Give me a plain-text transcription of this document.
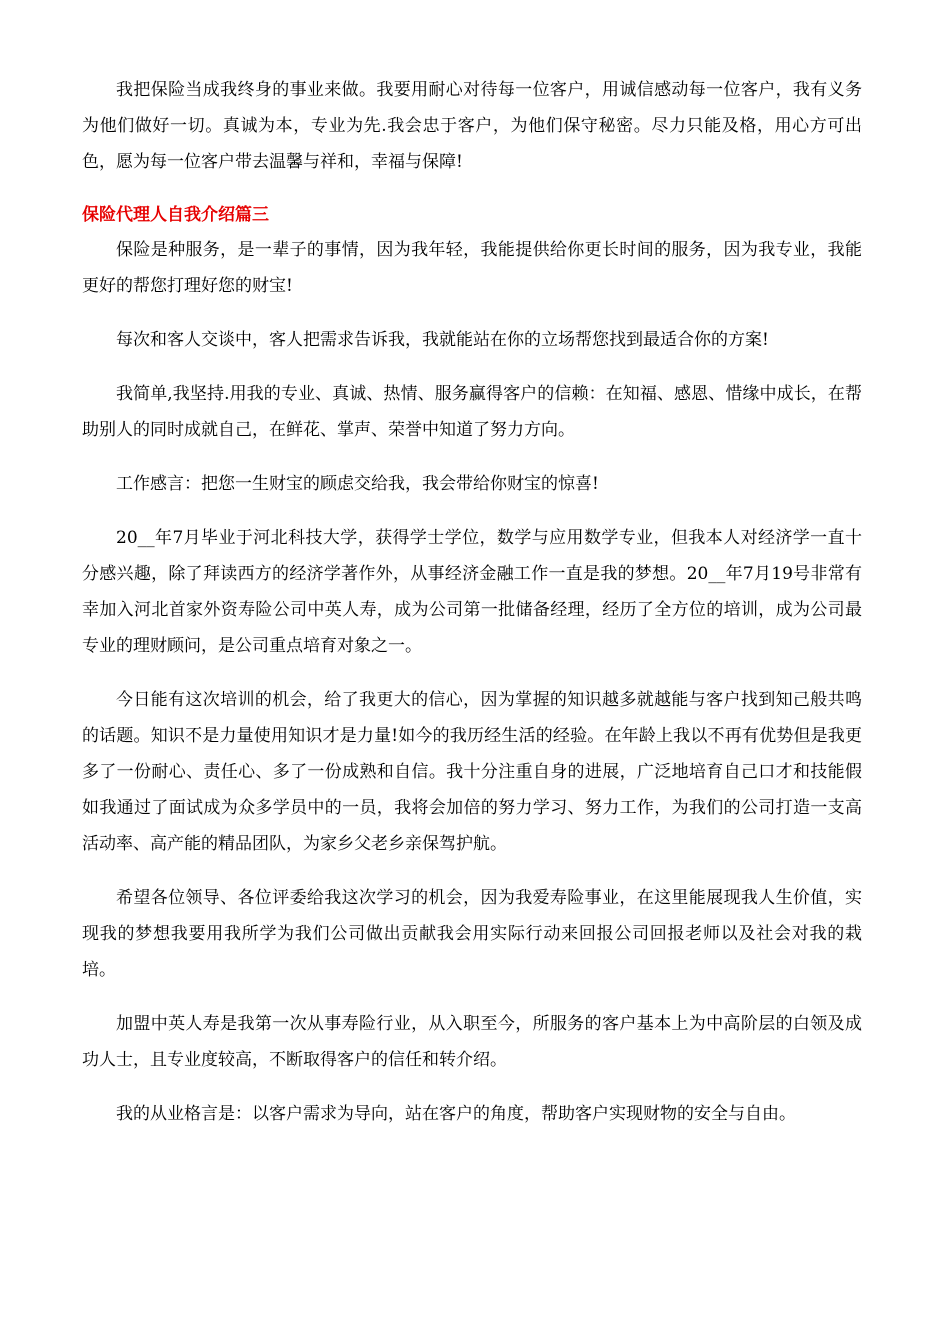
我把保险当成我终身的事业来做。我要用耐心对待每一位客户，用诚信感动每一位客户，我有义务为他们做好一切。真诚为本，专业为先.我会忠于客户，为他们保守秘密。尽力只能及格，用心方可出色，愿为每一位客户带去温馨与祥和，幸福与保障!

保险代理人自我介绍篇三

保险是种服务，是一辈子的事情，因为我年轻，我能提供给你更长时间的服务，因为我专业，我能更好的帮您打理好您的财宝!

每次和客人交谈中，客人把需求告诉我，我就能站在你的立场帮您找到最适合你的方案!

我简单,我坚持.用我的专业、真诚、热情、服务赢得客户的信赖：在知福、感恩、惜缘中成长，在帮助别人的同时成就自己，在鲜花、掌声、荣誉中知道了努力方向。

工作感言：把您一生财宝的顾虑交给我，我会带给你财宝的惊喜!

20__年7月毕业于河北科技大学，获得学士学位，数学与应用数学专业，但我本人对经济学一直十分感兴趣，除了拜读西方的经济学著作外，从事经济金融工作一直是我的梦想。20__年7月19号非常有幸加入河北首家外资寿险公司中英人寿，成为公司第一批储备经理，经历了全方位的培训，成为公司最专业的理财顾问，是公司重点培育对象之一。

今日能有这次培训的机会，给了我更大的信心，因为掌握的知识越多就越能与客户找到知己般共鸣的话题。知识不是力量使用知识才是力量!如今的我历经生活的经验。在年龄上我以不再有优势但是我更多了一份耐心、责任心、多了一份成熟和自信。我十分注重自身的进展，广泛地培育自己口才和技能假如我通过了面试成为众多学员中的一员，我将会加倍的努力学习、努力工作，为我们的公司打造一支高活动率、高产能的精品团队，为家乡父老乡亲保驾护航。

希望各位领导、各位评委给我这次学习的机会，因为我爱寿险事业，在这里能展现我人生价值，实现我的梦想我要用我所学为我们公司做出贡献我会用实际行动来回报公司回报老师以及社会对我的栽培。

加盟中英人寿是我第一次从事寿险行业，从入职至今，所服务的客户基本上为中高阶层的白领及成功人士，且专业度较高，不断取得客户的信任和转介绍。

我的从业格言是：以客户需求为导向，站在客户的角度，帮助客户实现财物的安全与自由。
